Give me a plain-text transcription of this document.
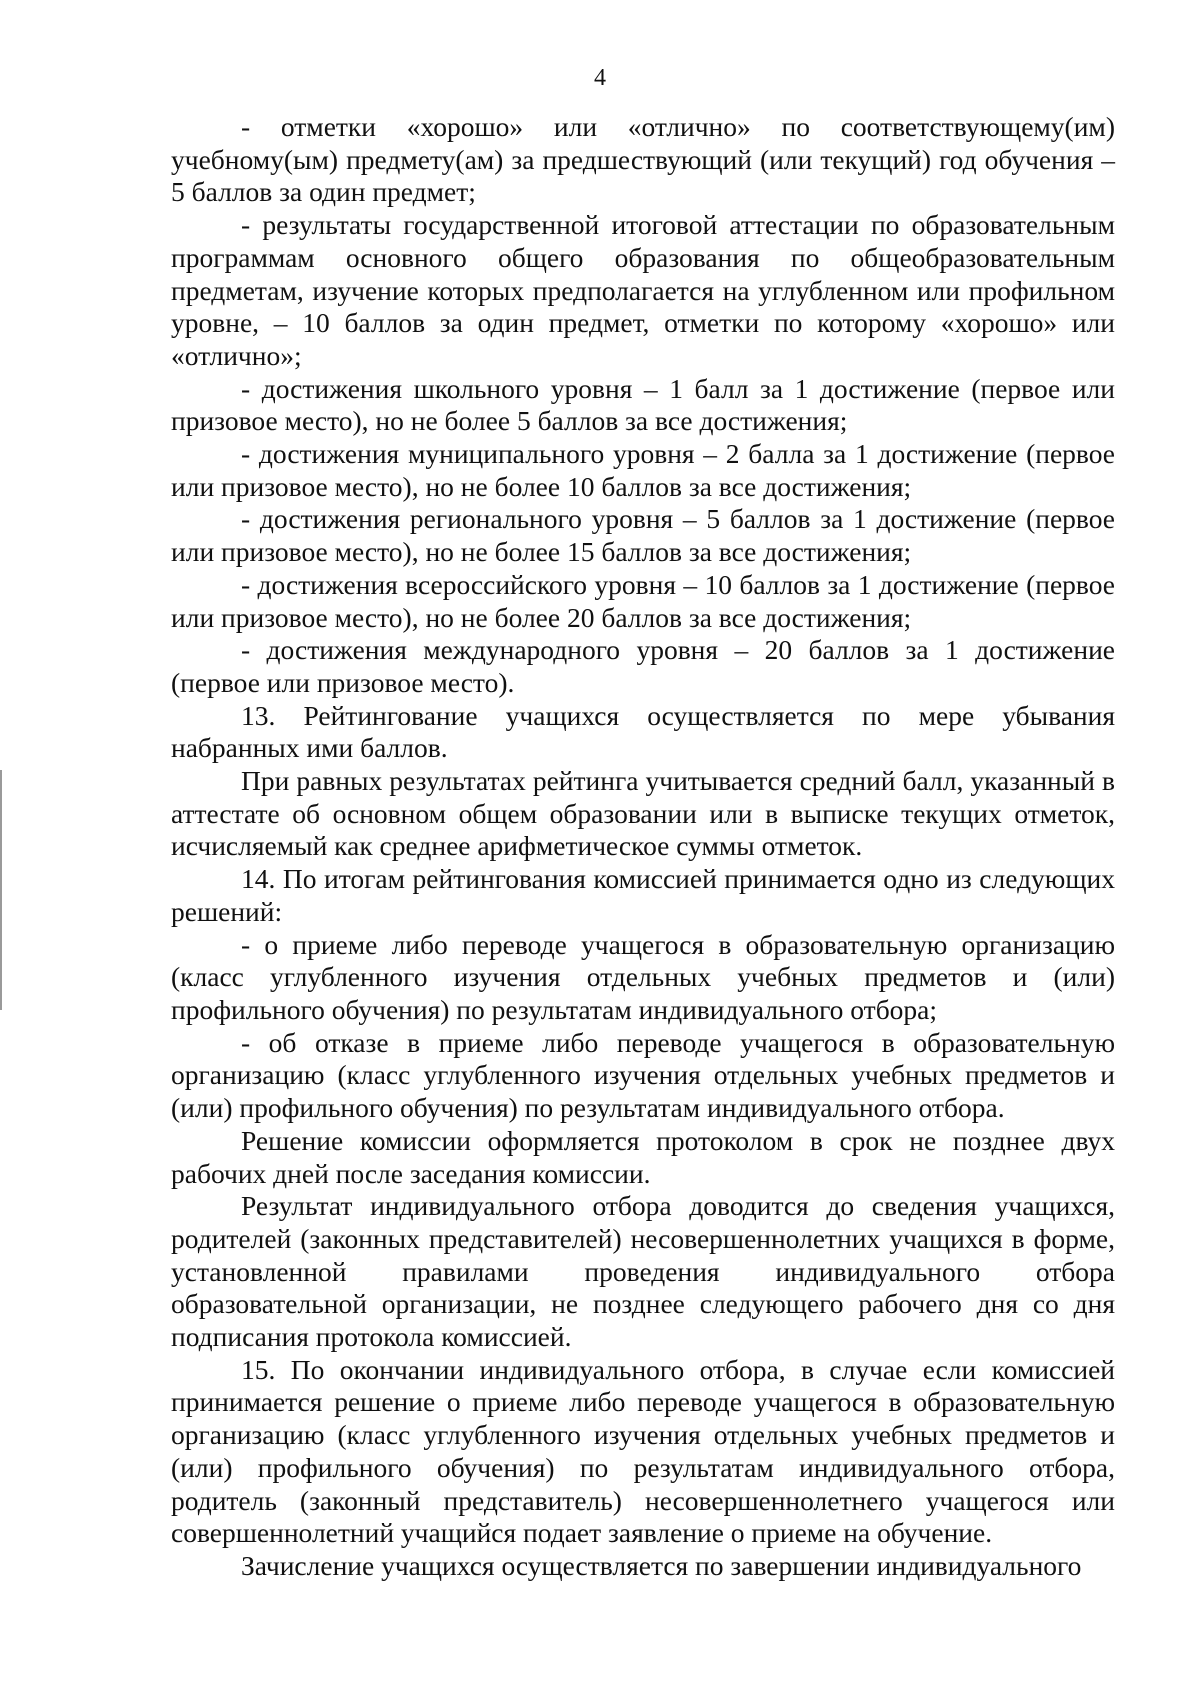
4

- отметки «хорошо» или «отлично» по соответствующему(им) учебному(ым) предмету(ам) за предшествующий (или текущий) год обучения – 5 баллов за один предмет;

- результаты государственной итоговой аттестации по образовательным программам основного общего образования по общеобразовательным предметам, изучение которых предполагается на углубленном или профильном уровне, – 10 баллов за один предмет, отметки по которому «хорошо» или «отлично»;

- достижения школьного уровня – 1 балл за 1 достижение (первое или призовое место), но не более 5 баллов за все достижения;

- достижения муниципального уровня – 2 балла за 1 достижение (первое или призовое место), но не более 10 баллов за все достижения;

- достижения регионального уровня – 5 баллов за 1 достижение (первое или призовое место), но не более 15 баллов за все достижения;

- достижения всероссийского уровня – 10 баллов за 1 достижение (первое или призовое место), но не более 20 баллов за все достижения;

- достижения международного уровня – 20 баллов за 1 достижение (первое или призовое место).

13. Рейтингование учащихся осуществляется по мере убывания набранных ими баллов.

При равных результатах рейтинга учитывается средний балл, указанный в аттестате об основном общем образовании или в выписке текущих отметок, исчисляемый как среднее арифметическое суммы отметок.

14. По итогам рейтингования комиссией принимается одно из следующих решений:

- о приеме либо переводе учащегося в образовательную организацию (класс углубленного изучения отдельных учебных предметов и (или) профильного обучения) по результатам индивидуального отбора;

- об отказе в приеме либо переводе учащегося в образовательную организацию (класс углубленного изучения отдельных учебных предметов и (или) профильного обучения) по результатам индивидуального отбора.

Решение комиссии оформляется протоколом в срок не позднее двух рабочих дней после заседания комиссии.

Результат индивидуального отбора доводится до сведения учащихся, родителей (законных представителей) несовершеннолетних учащихся в форме, установленной правилами проведения индивидуального отбора образовательной организации, не позднее следующего рабочего дня со дня подписания протокола комиссией.

15. По окончании индивидуального отбора, в случае если комиссией принимается решение о приеме либо переводе учащегося в образовательную организацию (класс углубленного изучения отдельных учебных предметов и (или) профильного обучения) по результатам индивидуального отбора, родитель (законный представитель) несовершеннолетнего учащегося или совершеннолетний учащийся подает заявление о приеме на обучение.

Зачисление учащихся осуществляется по завершении индивидуального
